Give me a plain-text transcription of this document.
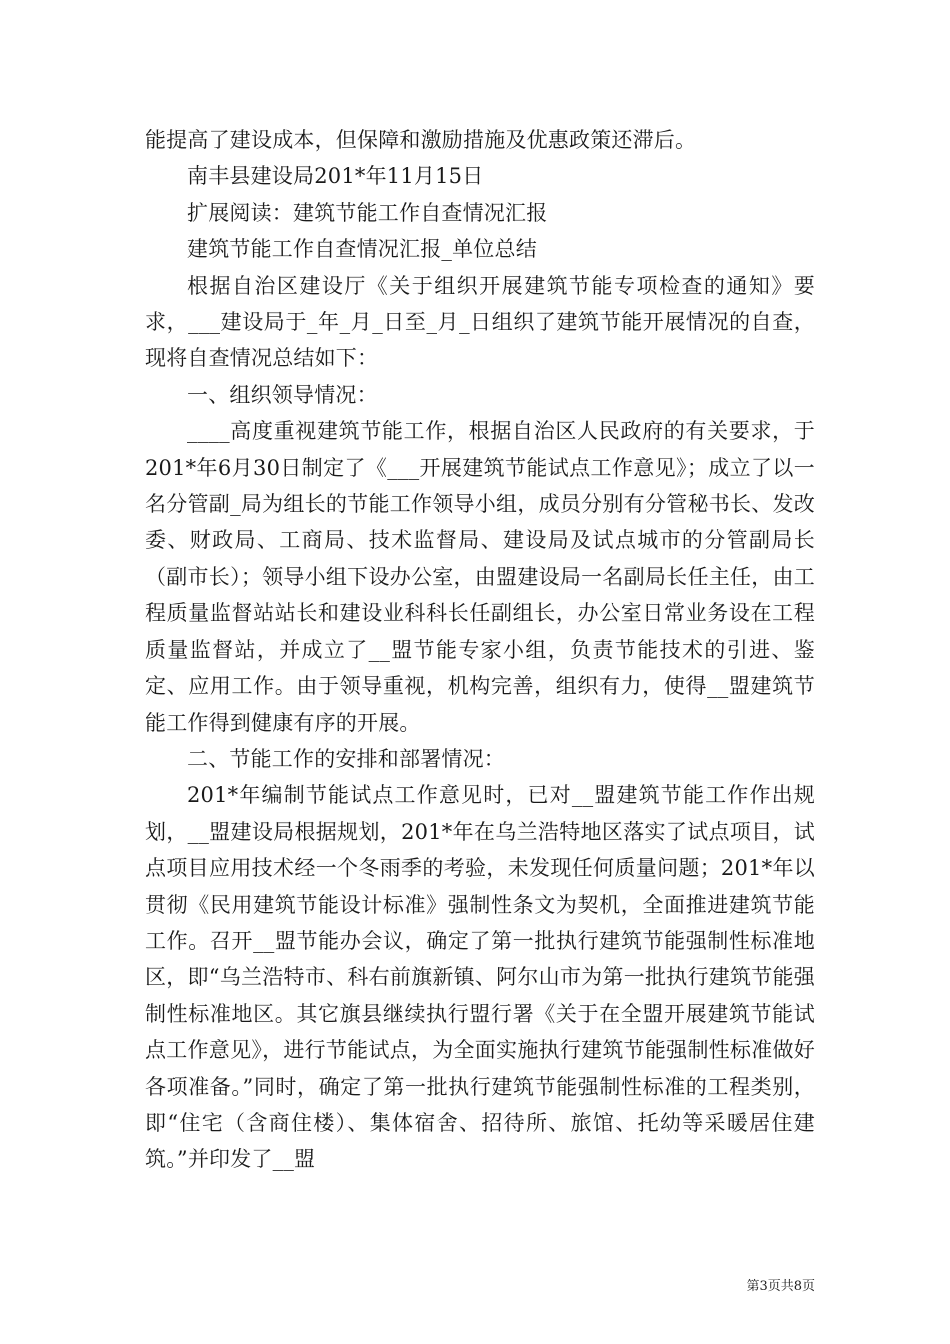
能提高了建设成本，但保障和激励措施及优惠政策还滞后。

南丰县建设局201*年11月15日

扩展阅读：建筑节能工作自查情况汇报

建筑节能工作自查情况汇报_单位总结

根据自治区建设厅《关于组织开展建筑节能专项检查的通知》要求，___建设局于_年_月_日至_月_日组织了建筑节能开展情况的自查，现将自查情况总结如下：

一、组织领导情况：

____高度重视建筑节能工作，根据自治区人民政府的有关要求，于201*年6月30日制定了《___开展建筑节能试点工作意见》；成立了以一名分管副_局为组长的节能工作领导小组，成员分别有分管秘书长、发改委、财政局、工商局、技术监督局、建设局及试点城市的分管副局长（副市长）；领导小组下设办公室，由盟建设局一名副局长任主任，由工程质量监督站站长和建设业科科长任副组长，办公室日常业务设在工程质量监督站，并成立了__盟节能专家小组，负责节能技术的引进、鉴定、应用工作。由于领导重视，机构完善，组织有力，使得__盟建筑节能工作得到健康有序的开展。

二、节能工作的安排和部署情况：

201*年编制节能试点工作意见时，已对__盟建筑节能工作作出规划，__盟建设局根据规划，201*年在乌兰浩特地区落实了试点项目，试点项目应用技术经一个冬雨季的考验，未发现任何质量问题；201*年以贯彻《民用建筑节能设计标准》强制性条文为契机，全面推进建筑节能工作。召开__盟节能办会议，确定了第一批执行建筑节能强制性标准地区，即“乌兰浩特市、科右前旗新镇、阿尔山市为第一批执行建筑节能强制性标准地区。其它旗县继续执行盟行署《关于在全盟开展建筑节能试点工作意见》，进行节能试点，为全面实施执行建筑节能强制性标准做好各项准备。”同时，确定了第一批执行建筑节能强制性标准的工程类别，即“住宅（含商住楼）、集体宿舍、招待所、旅馆、托幼等采暖居住建筑。”并印发了__盟

第3页共8页
